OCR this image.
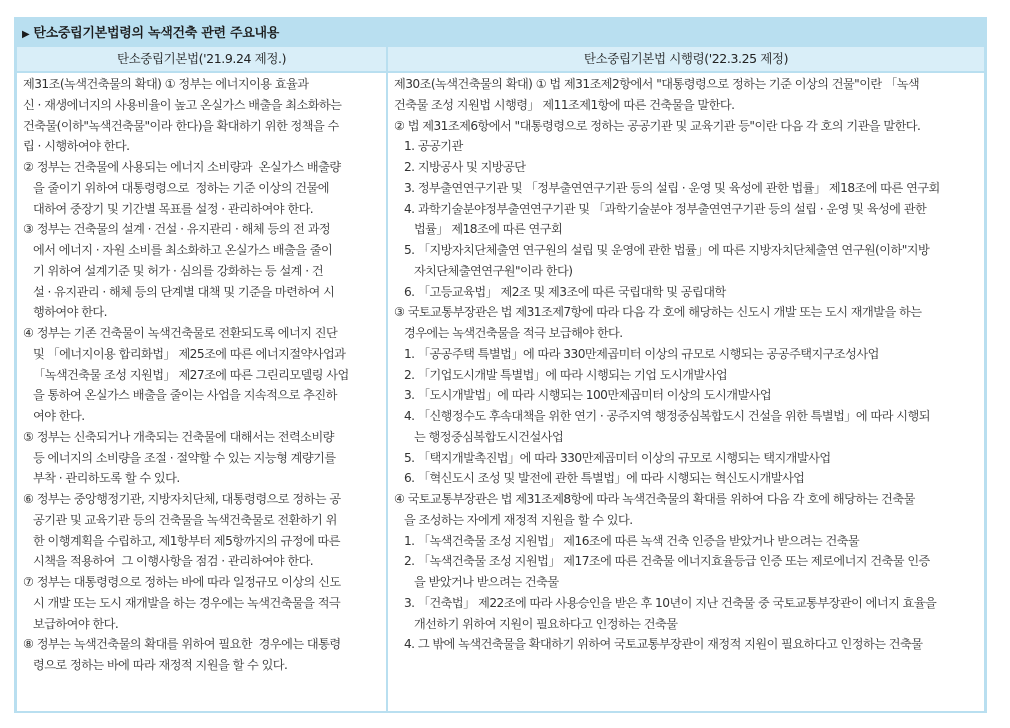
▶ 탄소중립기본법령의 녹색건축 관련 주요내용
탄소중립기본법('21.9.24 제정.)	탄소중립기본법 시행령('22.3.25 제정)
제31조(녹색건축물의 확대) ① 정부는 에너지이용 효율과
신 · 재생에너지의 사용비율이 높고 온실가스 배출을 최소화하는
건축물(이하"녹색건축물"이라 한다)을 확대하기 위한 정책을 수
립 · 시행하여야 한다.
② 정부는 건축물에 사용되는 에너지 소비량과  온실가스 배출량
을 줄이기 위하여 대통령령으로  정하는 기준 이상의 건물에
대하여 중장기 및 기간별 목표를 설정 · 관리하여야 한다.
③ 정부는 건축물의 설계 · 건설 · 유지관리 · 해체 등의 전 과정
에서 에너지 · 자원 소비를 최소화하고 온실가스 배출을 줄이
기 위하여 설계기준 및 허가 · 심의를 강화하는 등 설계 · 건
설 · 유지관리 · 해체 등의 단계별 대책 및 기준을 마련하여 시
행하여야 한다.
④ 정부는 기존 건축물이 녹색건축물로 전환되도록 에너지 진단
및 「에너지이용 합리화법」 제25조에 따른 에너지절약사업과
「녹색건축물 조성 지원법」 제27조에 따른 그린리모델링 사업
을 통하여 온실가스 배출을 줄이는 사업을 지속적으로 추진하
여야 한다.
⑤ 정부는 신축되거나 개축되는 건축물에 대해서는 전력소비량
등 에너지의 소비량을 조절 · 절약할 수 있는 지능형 계량기를
부착 · 관리하도록 할 수 있다.
⑥ 정부는 중앙행정기관, 지방자치단체, 대통령령으로 정하는 공
공기관 및 교육기관 등의 건축물을 녹색건축물로 전환하기 위
한 이행계획을 수립하고, 제1항부터 제5항까지의 규정에 따른
시책을 적용하여  그 이행사항을 점검 · 관리하여야 한다.
⑦ 정부는 대통령령으로 정하는 바에 따라 일정규모 이상의 신도
시 개발 또는 도시 재개발을 하는 경우에는 녹색건축물을 적극
보급하여야 한다.
⑧ 정부는 녹색건축물의 확대를 위하여 필요한  경우에는 대통령
령으로 정하는 바에 따라 재정적 지원을 할 수 있다.
제30조(녹색건축물의 확대) ① 법 제31조제2항에서 "대통령령으로 정하는 기준 이상의 건물"이란 「녹색
건축물 조성 지원법 시행령」 제11조제1항에 따른 건축물을 말한다.
② 법 제31조제6항에서 "대통령령으로 정하는 공공기관 및 교육기관 등"이란 다음 각 호의 기관을 말한다.
1. 공공기관
2. 지방공사 및 지방공단
3. 정부출연연구기관 및 「정부출연연구기관 등의 설립 · 운영 및 육성에 관한 법률」 제18조에 따른 연구회
4. 과학기술분야정부출연연구기관 및 「과학기술분야 정부출연연구기관 등의 설립 · 운영 및 육성에 관한
법률」 제18조에 따른 연구회
5. 「지방자치단체출연 연구원의 설립 및 운영에 관한 법률」에 따른 지방자치단체출연 연구원(이하"지방
자치단체출연연구원"이라 한다)
6. 「고등교육법」 제2조 및 제3조에 따른 국립대학 및 공립대학
③ 국토교통부장관은 법 제31조제7항에 따라 다음 각 호에 해당하는 신도시 개발 또는 도시 재개발을 하는
경우에는 녹색건축물을 적극 보급해야 한다.
1. 「공공주택 특별법」에 따라 330만제곱미터 이상의 규모로 시행되는 공공주택지구조성사업
2. 「기업도시개발 특별법」에 따라 시행되는 기업 도시개발사업
3. 「도시개발법」에 따라 시행되는 100만제곱미터 이상의 도시개발사업
4. 「신행정수도 후속대책을 위한 연기 · 공주지역 행정중심복합도시 건설을 위한 특별법」에 따라 시행되
는 행정중심복합도시건설사업
5. 「택지개발촉진법」에 따라 330만제곱미터 이상의 규모로 시행되는 택지개발사업
6. 「혁신도시 조성 및 발전에 관한 특별법」에 따라 시행되는 혁신도시개발사업
④ 국토교통부장관은 법 제31조제8항에 따라 녹색건축물의 확대를 위하여 다음 각 호에 해당하는 건축물
을 조성하는 자에게 재정적 지원을 할 수 있다.
1. 「녹색건축물 조성 지원법」 제16조에 따른 녹색 건축 인증을 받았거나 받으려는 건축물
2. 「녹색건축물 조성 지원법」 제17조에 따른 건축물 에너지효율등급 인증 또는 제로에너지 건축물 인증
을 받았거나 받으려는 건축물
3. 「건축법」 제22조에 따라 사용승인을 받은 후 10년이 지난 건축물 중 국토교통부장관이 에너지 효율을
개선하기 위하여 지원이 필요하다고 인정하는 건축물
4. 그 밖에 녹색건축물을 확대하기 위하여 국토교통부장관이 재정적 지원이 필요하다고 인정하는 건축물
